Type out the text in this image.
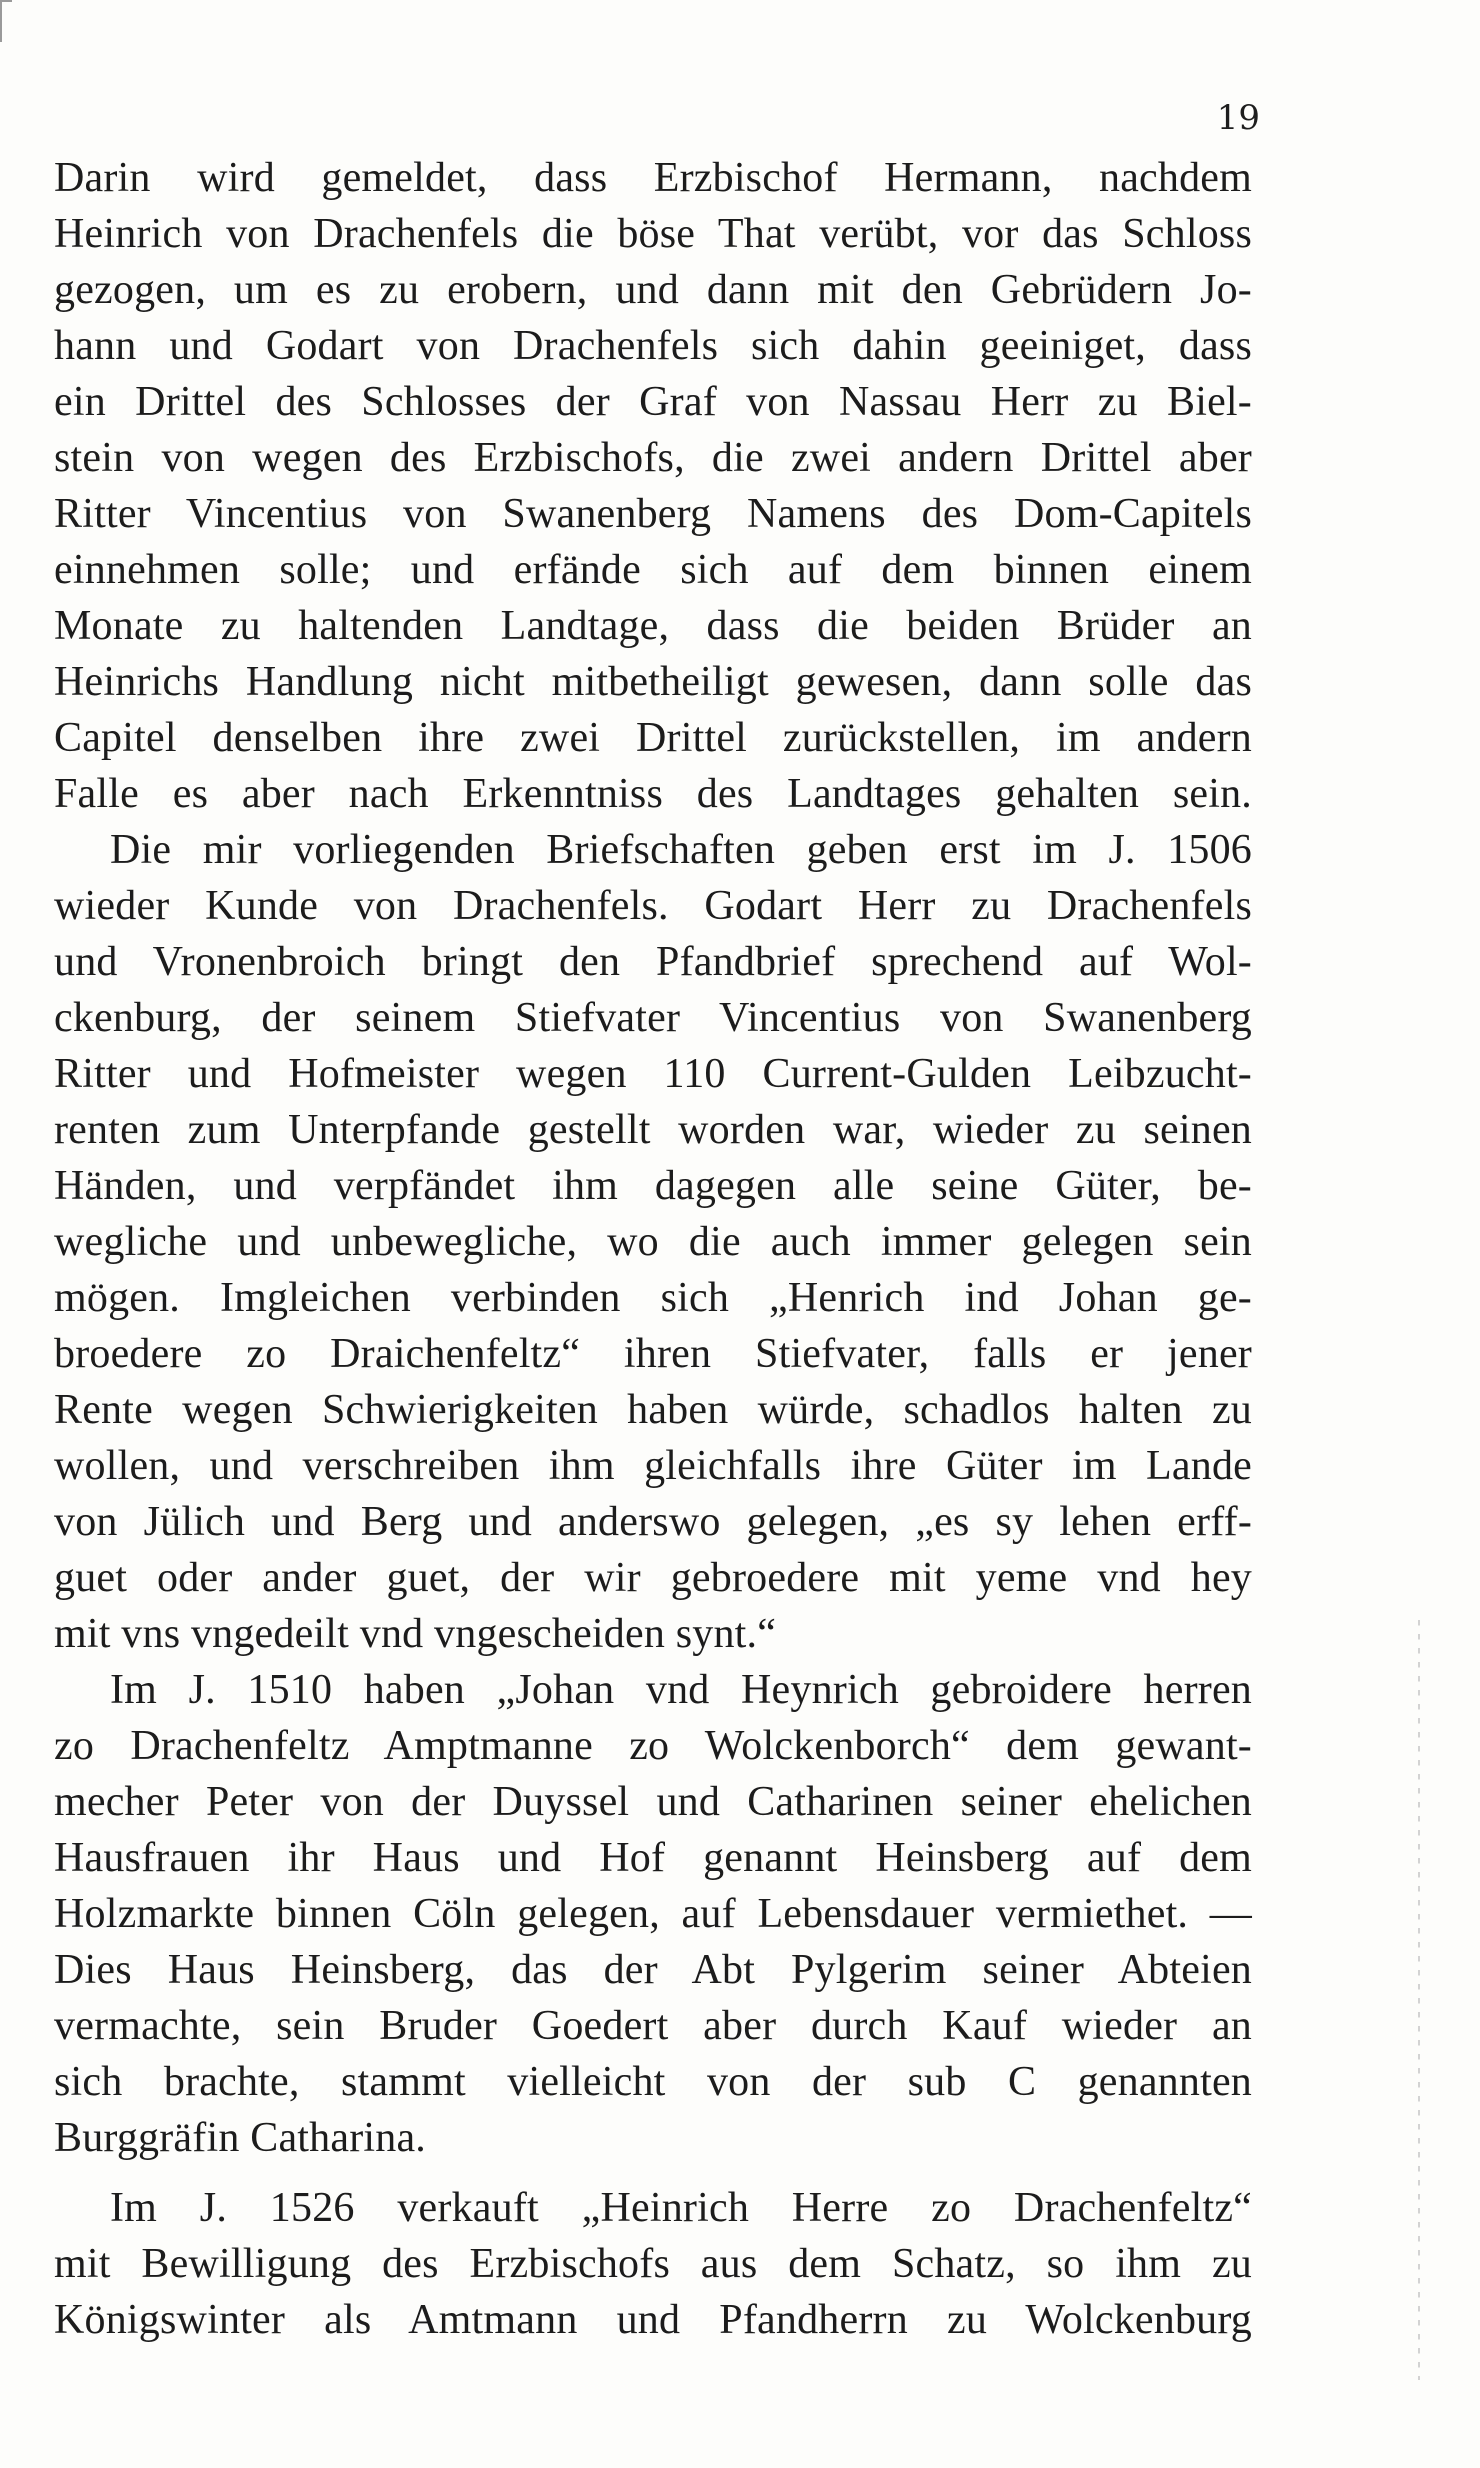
19
Darin wird gemeldet, dass Erzbischof Hermann, nachdem
Heinrich von Drachenfels die böse That verübt, vor das Schloss
gezogen, um es zu erobern, und dann mit den Gebrüdern Jo-
hann und Godart von Drachenfels sich dahin geeiniget, dass
ein Drittel des Schlosses der Graf von Nassau Herr zu Biel-
stein von wegen des Erzbischofs, die zwei andern Drittel aber
Ritter Vincentius von Swanenberg Namens des Dom-Capitels
einnehmen solle; und erfände sich auf dem binnen einem
Monate zu haltenden Landtage, dass die beiden Brüder an
Heinrichs Handlung nicht mitbetheiligt gewesen, dann solle das
Capitel denselben ihre zwei Drittel zurückstellen, im andern
Falle es aber nach Erkenntniss des Landtages gehalten sein.
Die mir vorliegenden Briefschaften geben erst im J. 1506
wieder Kunde von Drachenfels. Godart Herr zu Drachenfels
und Vronenbroich bringt den Pfandbrief sprechend auf Wol-
ckenburg, der seinem Stiefvater Vincentius von Swanenberg
Ritter und Hofmeister wegen 110 Current-Gulden Leibzucht-
renten zum Unterpfande gestellt worden war, wieder zu seinen
Händen, und verpfändet ihm dagegen alle seine Güter, be-
wegliche und unbewegliche, wo die auch immer gelegen sein
mögen. Imgleichen verbinden sich „Henrich ind Johan ge-
broedere zo Draichenfeltz“ ihren Stiefvater, falls er jener
Rente wegen Schwierigkeiten haben würde, schadlos halten zu
wollen, und verschreiben ihm gleichfalls ihre Güter im Lande
von Jülich und Berg und anderswo gelegen, „es sy lehen erff-
guet oder ander guet, der wir gebroedere mit yeme vnd hey
mit vns vngedeilt vnd vngescheiden synt.“
Im J. 1510 haben „Johan vnd Heynrich gebroidere herren
zo Drachenfeltz Amptmanne zo Wolckenborch“ dem gewant-
mecher Peter von der Duyssel und Catharinen seiner ehelichen
Hausfrauen ihr Haus und Hof genannt Heinsberg auf dem
Holzmarkte binnen Cöln gelegen, auf Lebensdauer vermiethet. —
Dies Haus Heinsberg, das der Abt Pylgerim seiner Abteien
vermachte, sein Bruder Goedert aber durch Kauf wieder an
sich brachte, stammt vielleicht von der sub C genannten
Burggräfin Catharina.
Im J. 1526 verkauft „Heinrich Herre zo Drachenfeltz“
mit Bewilligung des Erzbischofs aus dem Schatz, so ihm zu
Königswinter als Amtmann und Pfandherrn zu Wolckenburg
